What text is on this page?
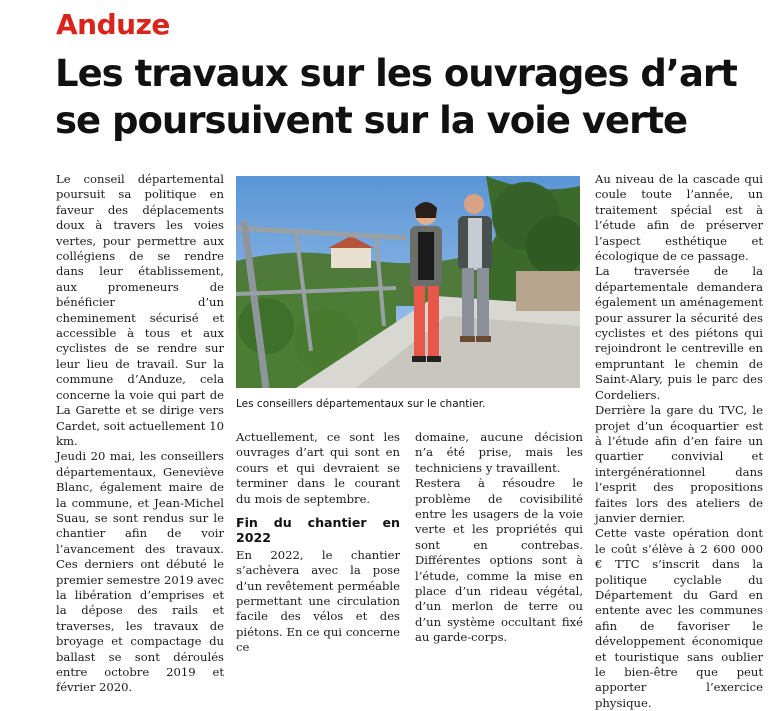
Anduze
Les travaux sur les ouvrages d’art se poursuivent sur la voie verte

Le conseil départemental poursuit sa politique en faveur des déplacements doux à travers les voies vertes, pour permettre aux collégiens de se rendre dans leur établissement, aux promeneurs de bénéficier d’un cheminement sécurisé et accessible à tous et aux cyclistes de se rendre sur leur lieu de travail. Sur la commune d’Anduze, cela concerne la voie qui part de La Garette et se dirige vers Cardet, soit actuellement 10 km.

Jeudi 20 mai, les conseillers départementaux, Geneviève Blanc, également maire de la commune, et Jean-Michel Suau, se sont rendus sur le chantier afin de voir l’avancement des travaux. Ces derniers ont débuté le premier semestre 2019 avec la libération d’emprises et la dépose des rails et traverses, les travaux de broyage et compactage du ballast se sont déroulés entre octobre 2019 et février 2020.

Les conseillers départementaux sur le chantier.

Actuellement, ce sont les ouvrages d’art qui sont en cours et qui devraient se terminer dans le courant du mois de septembre.

Fin du chantier en 2022

En 2022, le chantier s’achèvera avec la pose d’un revêtement perméable permettant une circulation facile des vélos et des piétons. En ce qui concerne ce

domaine, aucune décision n’a été prise, mais les techniciens y travaillent.

Restera à résoudre le problème de covisibilité entre les usagers de la voie verte et les propriétés qui sont en contrebas. Différentes options sont à l’étude, comme la mise en place d’un rideau végétal, d’un merlon de terre ou d’un système occultant fixé au garde-corps.

Au niveau de la cascade qui coule toute l’année, un traitement spécial est à l’étude afin de préserver l’aspect esthétique et écologique de ce passage.

La traversée de la départementale demandera également un aménagement pour assurer la sécurité des cyclistes et des piétons qui rejoindront le centreville en empruntant le chemin de Saint-Alary, puis le parc des Cordeliers.

Derrière la gare du TVC, le projet d’un écoquartier est à l’étude afin d’en faire un quartier convivial et intergénérationnel dans l’esprit des propositions faites lors des ateliers de janvier dernier.

Cette vaste opération dont le coût s’élève à 2 600 000 € TTC s’inscrit dans la politique cyclable du Département du Gard en entente avec les communes afin de favoriser le développement économique et touristique sans oublier le bien-être que peut apporter l’exercice physique.
